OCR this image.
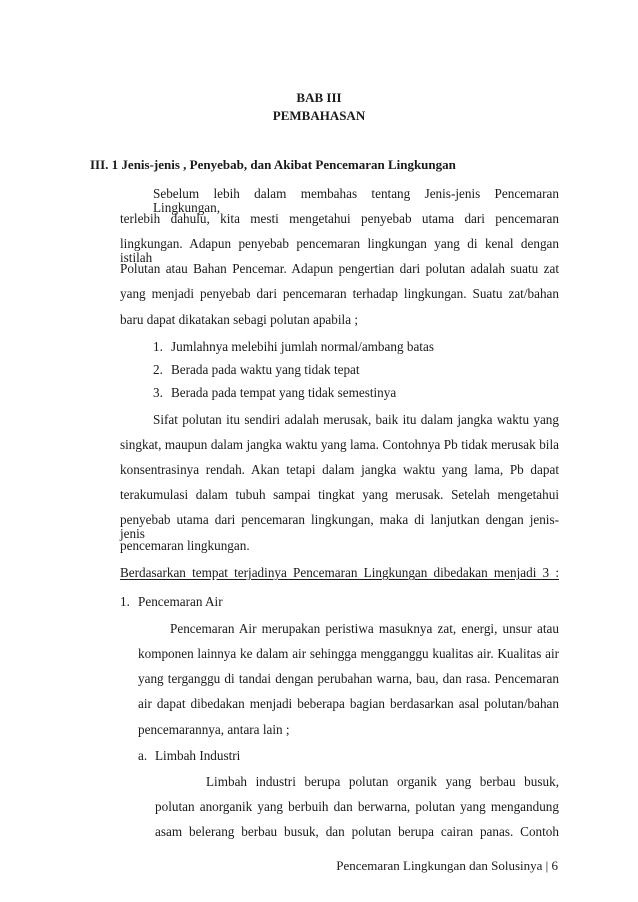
BAB III
PEMBAHASAN
III. 1 Jenis-jenis , Penyebab, dan Akibat Pencemaran Lingkungan
Sebelum lebih dalam membahas tentang Jenis-jenis Pencemaran Lingkungan,
terlebih dahulu, kita mesti mengetahui penyebab utama dari pencemaran
lingkungan. Adapun penyebab pencemaran lingkungan yang di kenal dengan istilah
Polutan atau Bahan Pencemar. Adapun pengertian dari polutan adalah suatu zat
yang menjadi penyebab dari pencemaran terhadap lingkungan. Suatu zat/bahan
baru dapat dikatakan sebagi polutan apabila ;
1. Jumlahnya melebihi jumlah normal/ambang batas
2. Berada pada waktu yang tidak tepat
3. Berada pada tempat yang tidak semestinya
Sifat polutan itu sendiri adalah merusak, baik itu dalam jangka waktu yang
singkat, maupun dalam jangka waktu yang lama. Contohnya Pb tidak merusak bila
konsentrasinya rendah. Akan tetapi dalam jangka waktu yang lama, Pb dapat
terakumulasi dalam tubuh sampai tingkat yang merusak. Setelah mengetahui
penyebab utama dari pencemaran lingkungan, maka di lanjutkan dengan jenis-jenis
pencemaran lingkungan.
Berdasarkan tempat terjadinya Pencemaran Lingkungan dibedakan menjadi 3 :
1. Pencemaran Air
Pencemaran Air merupakan peristiwa masuknya zat, energi, unsur atau
komponen lainnya ke dalam air sehingga mengganggu kualitas air. Kualitas air
yang terganggu di tandai dengan perubahan warna, bau, dan rasa. Pencemaran
air dapat dibedakan menjadi beberapa bagian berdasarkan asal polutan/bahan
pencemarannya, antara lain ;
a. Limbah Industri
Limbah industri berupa polutan organik yang berbau busuk,
polutan anorganik yang berbuih dan berwarna, polutan yang mengandung
asam belerang berbau busuk, dan polutan berupa cairan panas. Contoh
Pencemaran Lingkungan dan Solusinya | 6
